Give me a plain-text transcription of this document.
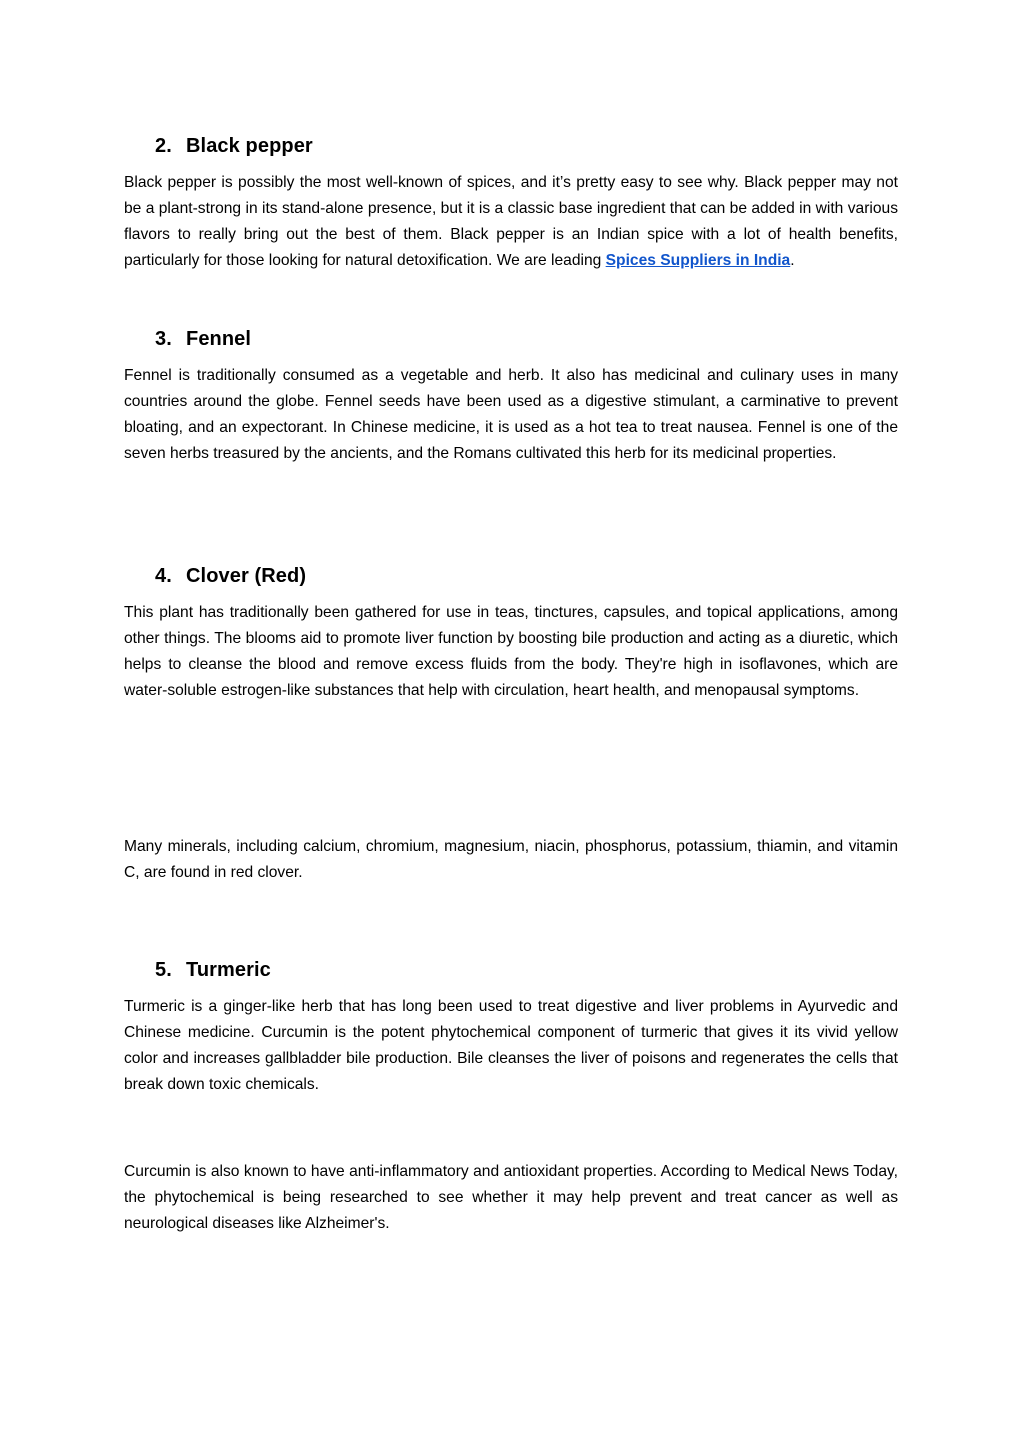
2. Black pepper

Black pepper is possibly the most well-known of spices, and it’s pretty easy to see why. Black pepper may not be a plant-strong in its stand-alone presence, but it is a classic base ingredient that can be added in with various flavors to really bring out the best of them. Black pepper is an Indian spice with a lot of health benefits, particularly for those looking for natural detoxification. We are leading Spices Suppliers in India.

3. Fennel

Fennel is traditionally consumed as a vegetable and herb. It also has medicinal and culinary uses in many countries around the globe. Fennel seeds have been used as a digestive stimulant, a carminative to prevent bloating, and an expectorant. In Chinese medicine, it is used as a hot tea to treat nausea. Fennel is one of the seven herbs treasured by the ancients, and the Romans cultivated this herb for its medicinal properties.

4. Clover (Red)

This plant has traditionally been gathered for use in teas, tinctures, capsules, and topical applications, among other things. The blooms aid to promote liver function by boosting bile production and acting as a diuretic, which helps to cleanse the blood and remove excess fluids from the body. They're high in isoflavones, which are water-soluble estrogen-like substances that help with circulation, heart health, and menopausal symptoms.

Many minerals, including calcium, chromium, magnesium, niacin, phosphorus, potassium, thiamin, and vitamin C, are found in red clover.

5. Turmeric

Turmeric is a ginger-like herb that has long been used to treat digestive and liver problems in Ayurvedic and Chinese medicine. Curcumin is the potent phytochemical component of turmeric that gives it its vivid yellow color and increases gallbladder bile production. Bile cleanses the liver of poisons and regenerates the cells that break down toxic chemicals.

Curcumin is also known to have anti-inflammatory and antioxidant properties. According to Medical News Today, the phytochemical is being researched to see whether it may help prevent and treat cancer as well as neurological diseases like Alzheimer's.
